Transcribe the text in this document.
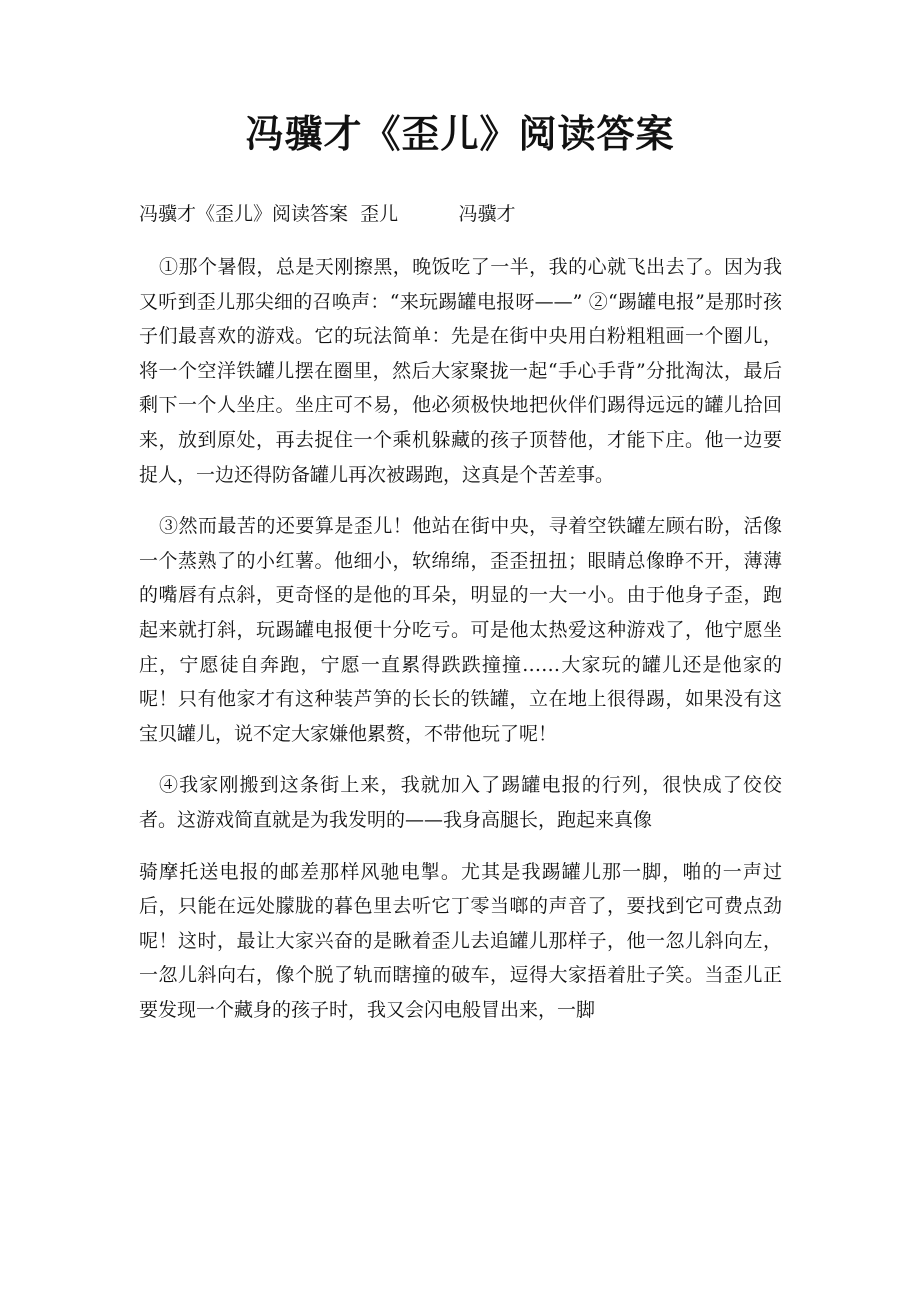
冯骥才《歪儿》阅读答案
冯骥才《歪儿》阅读答案  歪儿          冯骥才

①那个暑假，总是天刚擦黑，晚饭吃了一半，我的心就飞出去了。因为我又听到歪儿那尖细的召唤声：“来玩踢罐电报呀——” ②“踢罐电报”是那时孩子们最喜欢的游戏。它的玩法简单：先是在街中央用白粉粗粗画一个圈儿，将一个空洋铁罐儿摆在圈里，然后大家聚拢一起“手心手背”分批淘汰，最后剩下一个人坐庄。坐庄可不易，他必须极快地把伙伴们踢得远远的罐儿拾回来，放到原处，再去捉住一个乘机躲藏的孩子顶替他，才能下庄。他一边要捉人，一边还得防备罐儿再次被踢跑，这真是个苦差事。

③然而最苦的还要算是歪儿！他站在街中央，寻着空铁罐左顾右盼，活像一个蒸熟了的小红薯。他细小，软绵绵，歪歪扭扭；眼睛总像睁不开，薄薄的嘴唇有点斜，更奇怪的是他的耳朵，明显的一大一小。由于他身子歪，跑起来就打斜，玩踢罐电报便十分吃亏。可是他太热爱这种游戏了，他宁愿坐庄，宁愿徒自奔跑，宁愿一直累得跌跌撞撞……大家玩的罐儿还是他家的呢！只有他家才有这种装芦笋的长长的铁罐，立在地上很得踢，如果没有这宝贝罐儿，说不定大家嫌他累赘，不带他玩了呢！

④我家刚搬到这条街上来，我就加入了踢罐电报的行列，很快成了佼佼者。这游戏简直就是为我发明的——我身高腿长，跑起来真像

骑摩托送电报的邮差那样风驰电掣。尤其是我踢罐儿那一脚，啪的一声过后，只能在远处朦胧的暮色里去听它丁零当啷的声音了，要找到它可费点劲呢！这时，最让大家兴奋的是瞅着歪儿去追罐儿那样子，他一忽儿斜向左，一忽儿斜向右，像个脱了轨而瞎撞的破车，逗得大家捂着肚子笑。当歪儿正要发现一个藏身的孩子时，我又会闪电般冒出来，一脚
